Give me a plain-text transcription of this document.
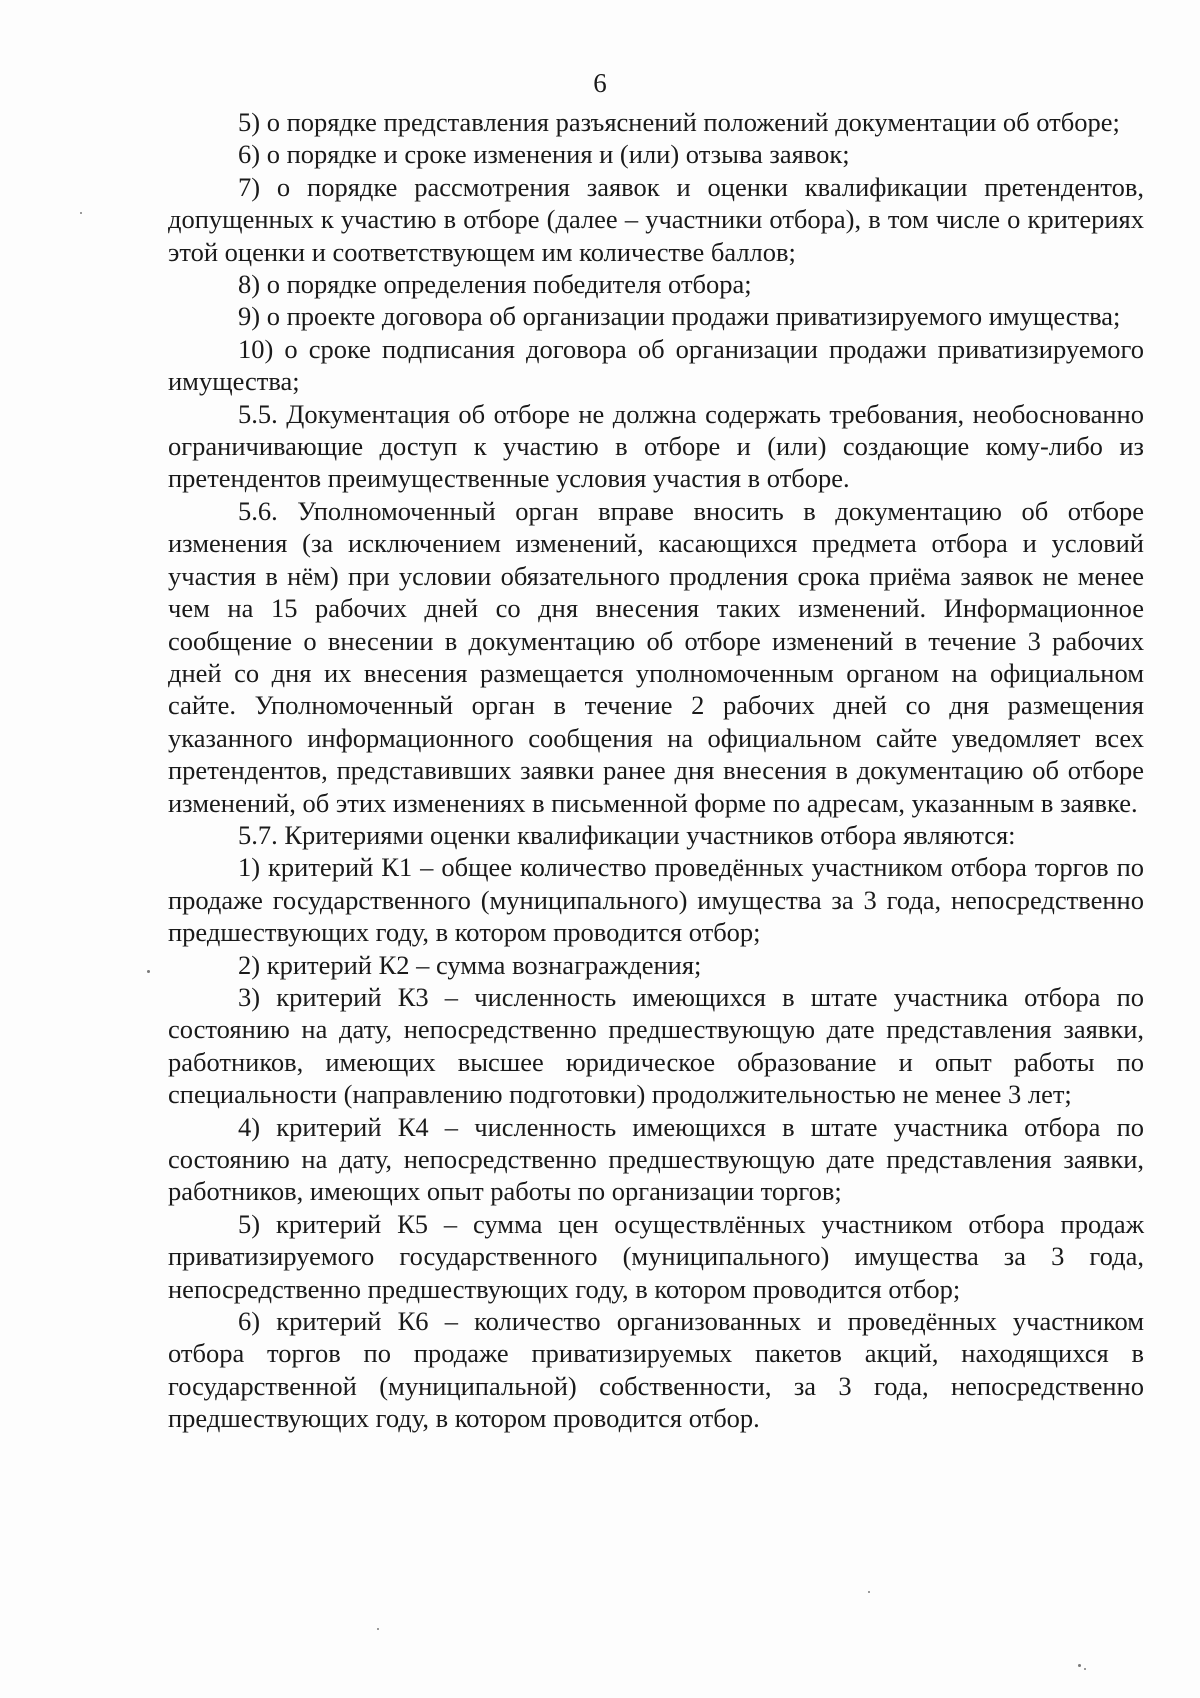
6

5) о порядке представления разъяснений положений документации об отборе;

6) о порядке и сроке изменения и (или) отзыва заявок;

7) о порядке рассмотрения заявок и оценки квалификации претендентов, допущенных к участию в отборе (далее – участники отбора), в том числе о критериях этой оценки и соответствующем им количестве баллов;

8) о порядке определения победителя отбора;

9) о проекте договора об организации продажи приватизируемого имущества;

10) о сроке подписания договора об организации продажи приватизируемого имущества;

5.5. Документация об отборе не должна содержать требования, необоснованно ограничивающие доступ к участию в отборе и (или) создающие кому-либо из претендентов преимущественные условия участия в отборе.

5.6. Уполномоченный орган вправе вносить в документацию об отборе изменения (за исключением изменений, касающихся предмета отбора и условий участия в нём) при условии обязательного продления срока приёма заявок не менее чем на 15 рабочих дней со дня внесения таких изменений. Информационное сообщение о внесении в документацию об отборе изменений в течение 3 рабочих дней со дня их внесения размещается уполномоченным органом на официальном сайте. Уполномоченный орган в течение 2 рабочих дней со дня размещения указанного информационного сообщения на официальном сайте уведомляет всех претендентов, представивших заявки ранее дня внесения в документацию об отборе изменений, об этих изменениях в письменной форме по адресам, указанным в заявке.

5.7. Критериями оценки квалификации участников отбора являются:

1) критерий К1 – общее количество проведённых участником отбора торгов по продаже государственного (муниципального) имущества за 3 года, непосредственно предшествующих году, в котором проводится отбор;

2) критерий К2 – сумма вознаграждения;

3) критерий К3 – численность имеющихся в штате участника отбора по состоянию на дату, непосредственно предшествующую дате представления заявки, работников, имеющих высшее юридическое образование и опыт работы по специальности (направлению подготовки) продолжительностью не менее 3 лет;

4) критерий К4 – численность имеющихся в штате участника отбора по состоянию на дату, непосредственно предшествующую дате представления заявки, работников, имеющих опыт работы по организации торгов;

5) критерий К5 – сумма цен осуществлённых участником отбора продаж приватизируемого государственного (муниципального) имущества за 3 года, непосредственно предшествующих году, в котором проводится отбор;

6) критерий К6 – количество организованных и проведённых участником отбора торгов по продаже приватизируемых пакетов акций, находящихся в государственной (муниципальной) собственности, за 3 года, непосредственно предшествующих году, в котором проводится отбор.
